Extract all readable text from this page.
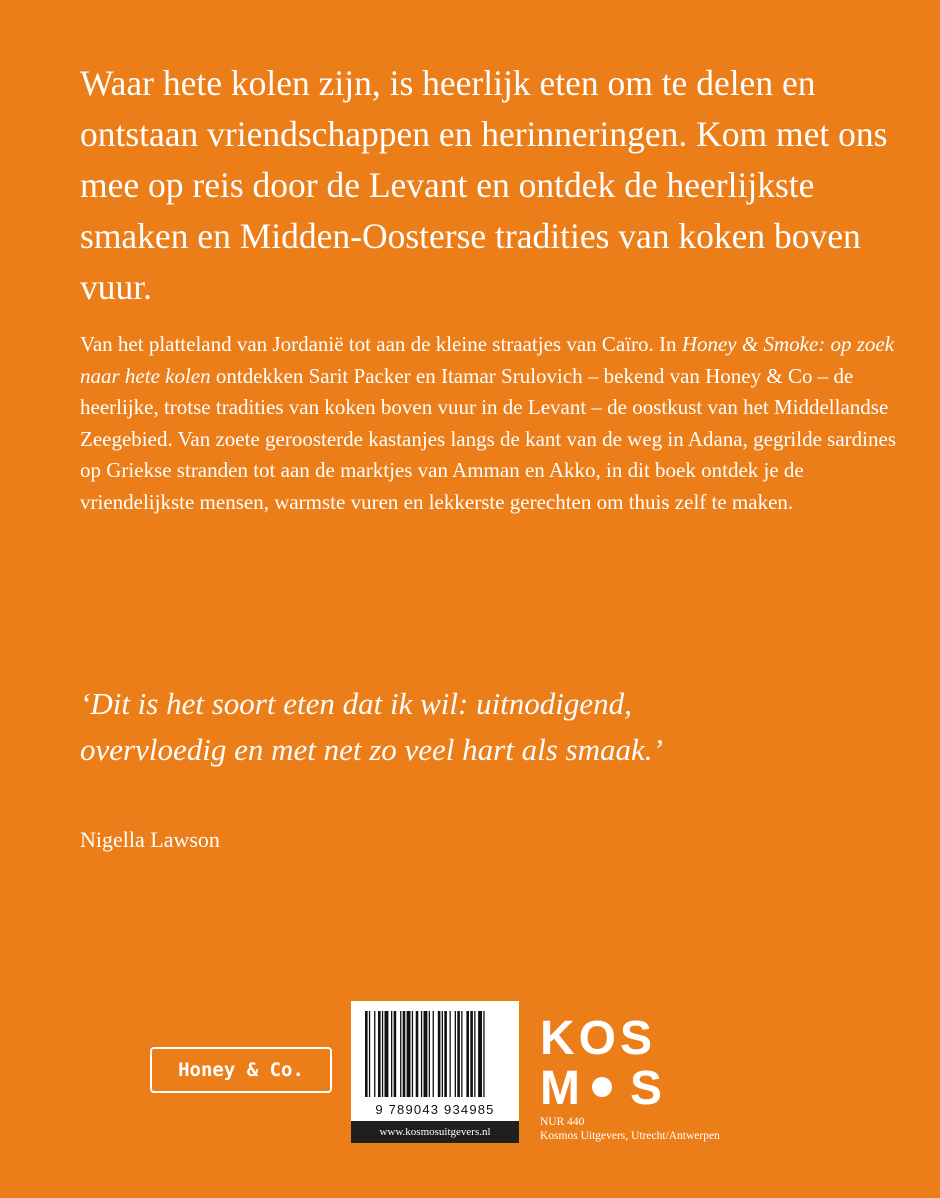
Waar hete kolen zijn, is heerlijk eten om te delen en ontstaan vriendschappen en herinneringen. Kom met ons mee op reis door de Levant en ontdek de heerlijkste smaken en Midden-Oosterse tradities van koken boven vuur.

Van het platteland van Jordanië tot aan de kleine straatjes van Caïro. In Honey & Smoke: op zoek naar hete kolen ontdekken Sarit Packer en Itamar Srulovich – bekend van Honey & Co – de heerlijke, trotse tradities van koken boven vuur in de Levant – de oostkust van het Middellandse Zeegebied. Van zoete geroosterde kastanjes langs de kant van de weg in Adana, gegrilde sardines op Griekse stranden tot aan de marktjes van Amman en Akko, in dit boek ontdek je de vriendelijkste mensen, warmste vuren en lekkerste gerechten om thuis zelf te maken.

‘Dit is het soort eten dat ik wil: uitnodigend, overvloedig en met net zo veel hart als smaak.’

Nigella Lawson
Honey & Co.
9 789043 934985
www.kosmosuitgevers.nl
KOS
M S
NUR 440
Kosmos Uitgevers, Utrecht/Antwerpen
